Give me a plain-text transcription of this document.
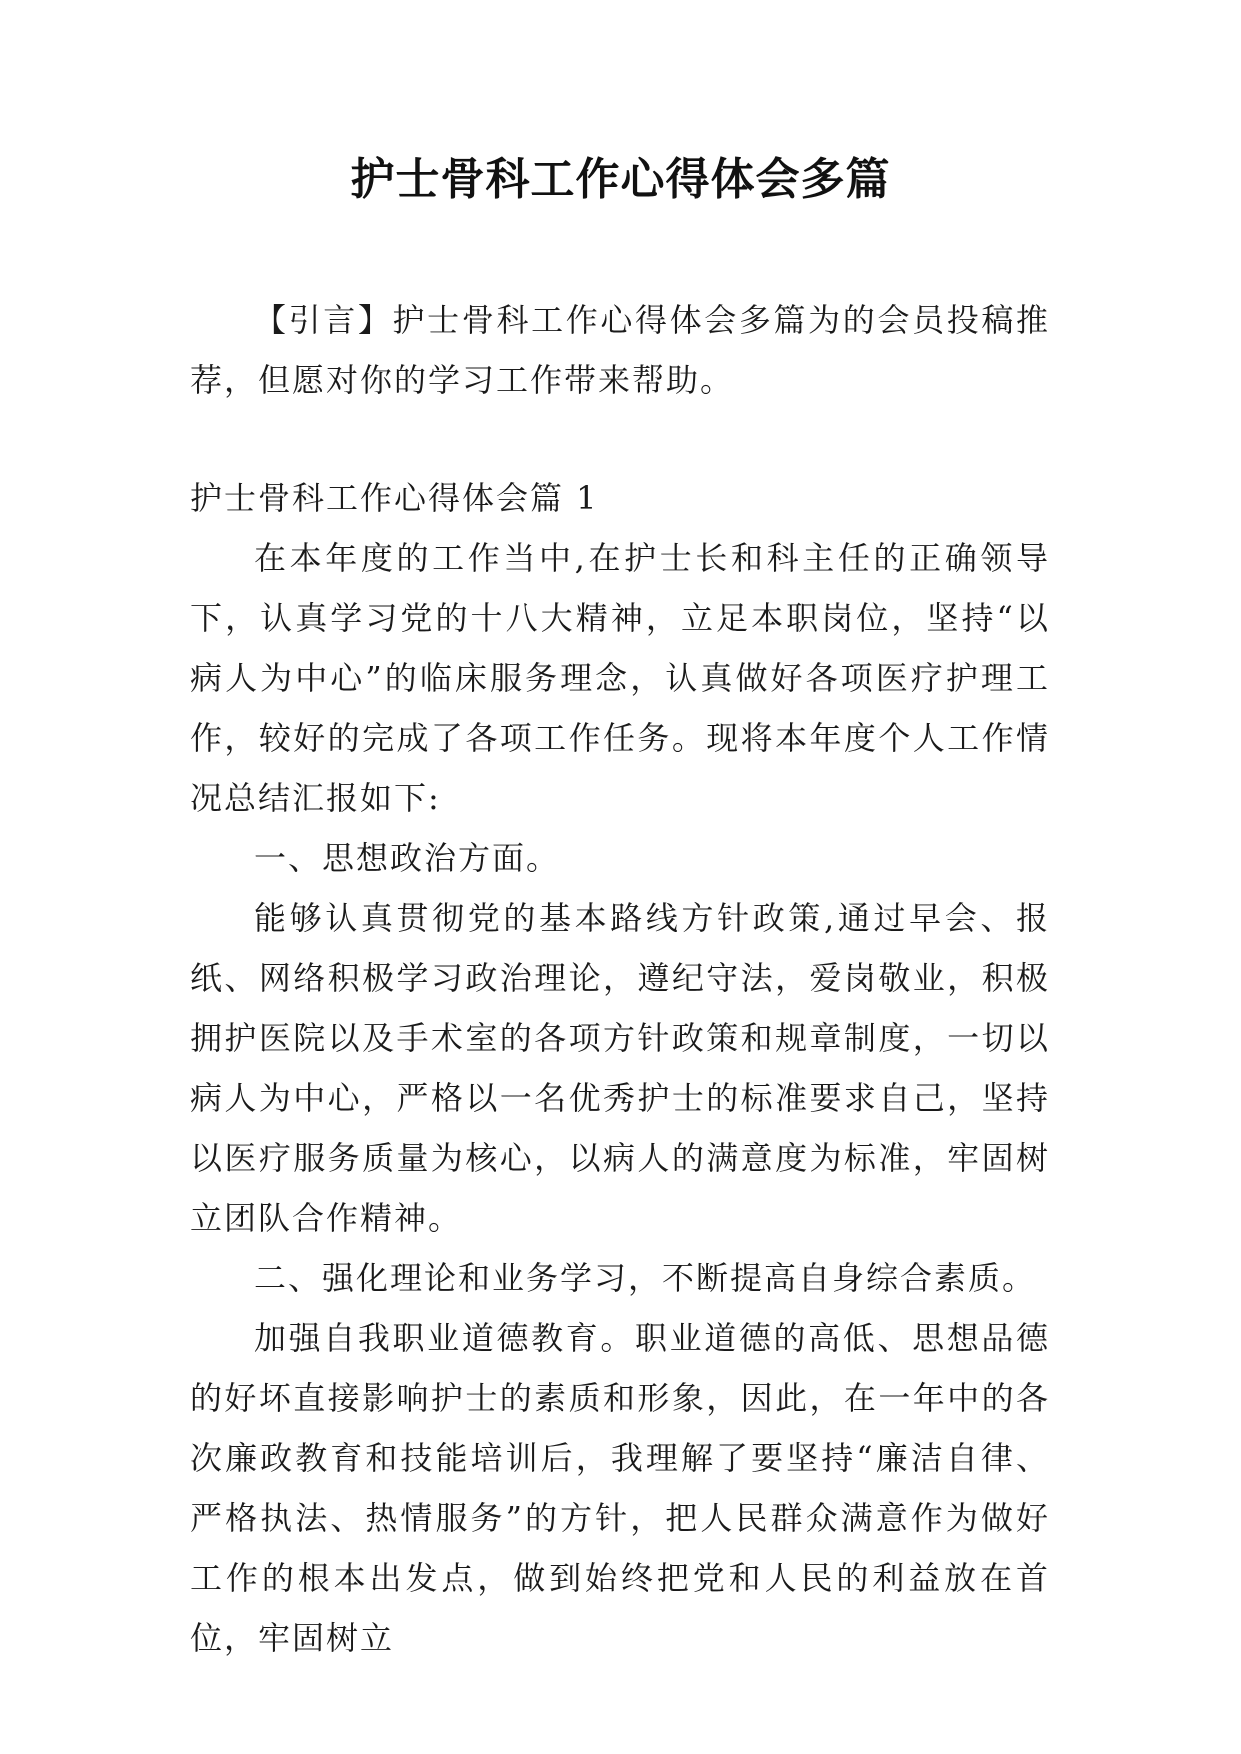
护士骨科工作心得体会多篇

【引言】护士骨科工作心得体会多篇为的会员投稿推荐，但愿对你的学习工作带来帮助。

护士骨科工作心得体会篇 1

在本年度的工作当中,在护士长和科主任的正确领导下，认真学习党的十八大精神，立足本职岗位，坚持“以病人为中心”的临床服务理念，认真做好各项医疗护理工作，较好的完成了各项工作任务。现将本年度个人工作情况总结汇报如下:

一、思想政治方面。

能够认真贯彻党的基本路线方针政策,通过早会、报纸、网络积极学习政治理论，遵纪守法，爱岗敬业，积极拥护医院以及手术室的各项方针政策和规章制度，一切以病人为中心，严格以一名优秀护士的标准要求自己，坚持以医疗服务质量为核心，以病人的满意度为标准，牢固树立团队合作精神。

二、强化理论和业务学习，不断提高自身综合素质。

加强自我职业道德教育。职业道德的高低、思想品德的好坏直接影响护士的素质和形象，因此，在一年中的各次廉政教育和技能培训后，我理解了要坚持“廉洁自律、严格执法、热情服务”的方针，把人民群众满意作为做好工作的根本出发点，做到始终把党和人民的利益放在首位，牢固树立
